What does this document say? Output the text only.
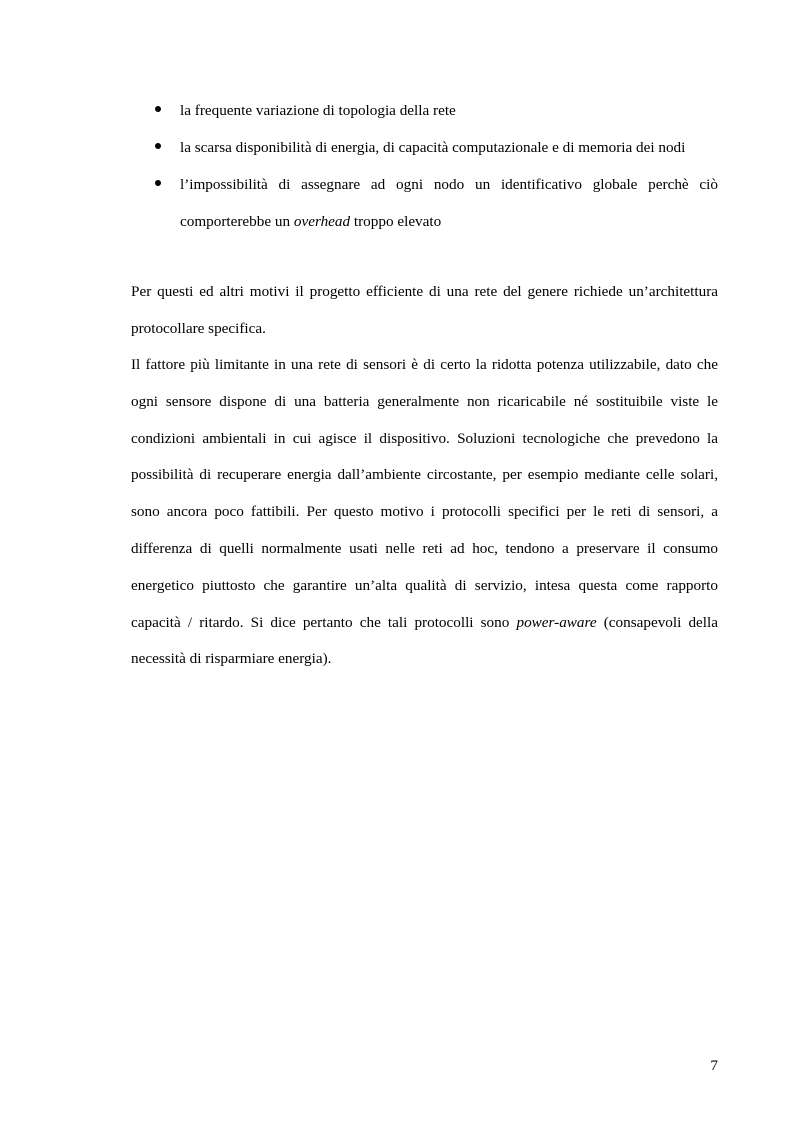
la frequente variazione di topologia della rete
la scarsa disponibilità di energia, di capacità computazionale e di memoria dei nodi
l’impossibilità di assegnare ad ogni nodo un identificativo globale perchè ciò comporterebbe un overhead troppo elevato

Per questi ed altri motivi il progetto efficiente di una rete del genere richiede un’architettura protocollare specifica.

Il fattore più limitante in una rete di sensori è di certo la ridotta potenza utilizzabile, dato che ogni sensore dispone di una batteria generalmente non ricaricabile né sostituibile viste le condizioni ambientali in cui agisce il dispositivo. Soluzioni tecnologiche che prevedono la possibilità di recuperare energia dall’ambiente circostante, per esempio mediante celle solari, sono ancora poco fattibili. Per questo motivo i protocolli specifici per le reti di sensori, a differenza di quelli normalmente usati nelle reti ad hoc, tendono a preservare il consumo energetico piuttosto che garantire un’alta qualità di servizio, intesa questa come rapporto capacità / ritardo. Si dice pertanto che tali protocolli sono power-aware (consapevoli della necessità di risparmiare energia).

7
